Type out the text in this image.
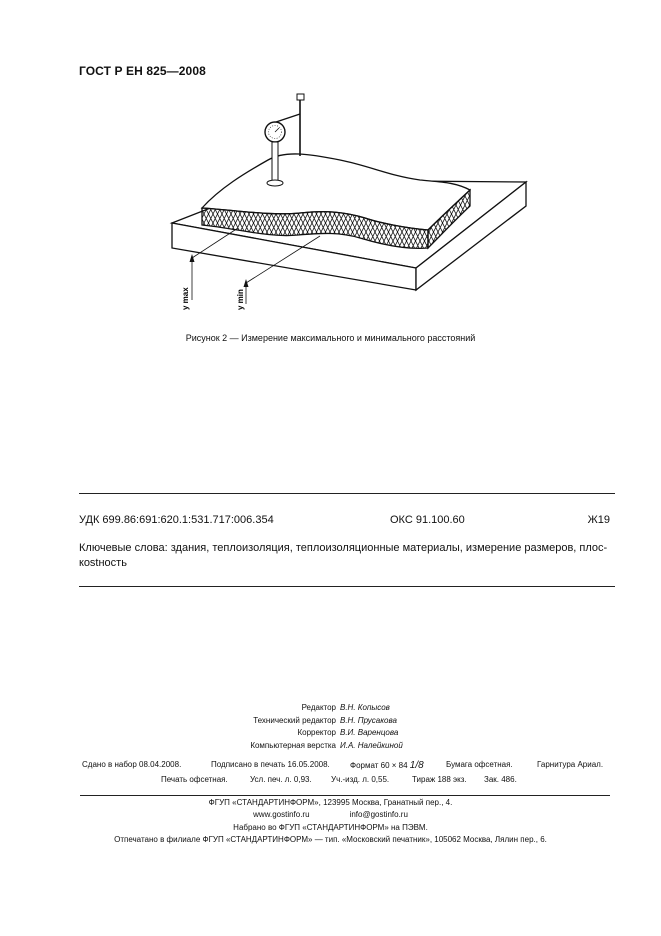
ГОСТ Р ЕН 825—2008
y max	y min
Рисунок 2 — Измерение максимального и минимального расстояний
УДК 699.86:691:620.1:531.717:006.354	ОКС 91.100.60	Ж19
Ключевые слова: здания, теплоизоляция, теплоизоляционные материалы, измерение размеров, плос-кostность
Редактор В.Н. Копысов
Технический редактор В.Н. Прусакова
Корректор В.И. Варенцова
Компьютерная верстка И.А. Налейкиной
Сдано в набор 08.04.2008.	Подписано в печать 16.05.2008.	Формат 60 × 84 1/8	Бумага офсетная.	Гарнитура Ариал.
Печать офсетная.	Усл. печ. л. 0,93. Уч.-изд. л. 0,55.	Тираж 188 экз. Зак. 486.
ФГУП «СТАНДАРТИНФОРМ», 123995 Москва, Гранатный пер., 4.
www.gostinfo.ru	info@gostinfo.ru
Набрано во ФГУП «СТАНДАРТИНФОРМ» на ПЭВМ.
Отпечатано в филиале ФГУП «СТАНДАРТИНФОРМ» — тип. «Московский печатник», 105062 Москва, Лялин пер., 6.
